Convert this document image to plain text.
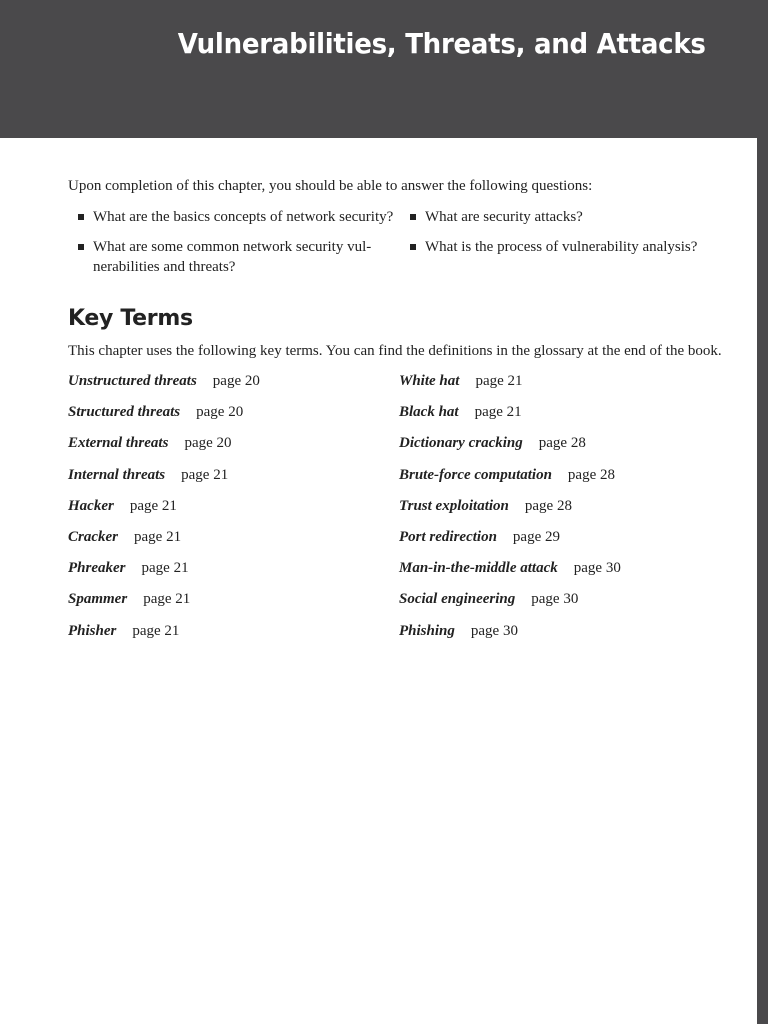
Vulnerabilities, Threats, and Attacks

Upon completion of this chapter, you should be able to answer the following questions:

What are the basics concepts of network security?	What are security attacks?
What are some common network security vul-nerabilities and threats?
What is the process of vulnerability analysis?
Key Terms

This chapter uses the following key terms. You can find the definitions in the glossary at the end of the book.

Unstructured threats page 20	White hat page 21
Structured threats page 20	Black hat page 21
External threats page 20	Dictionary cracking page 28
Internal threats page 21	Brute-force computation page 28
Hacker page 21	Trust exploitation page 28
Cracker page 21	Port redirection page 29
Phreaker page 21	Man-in-the-middle attack page 30
Spammer page 21	Social engineering page 30
Phisher page 21	Phishing page 30
